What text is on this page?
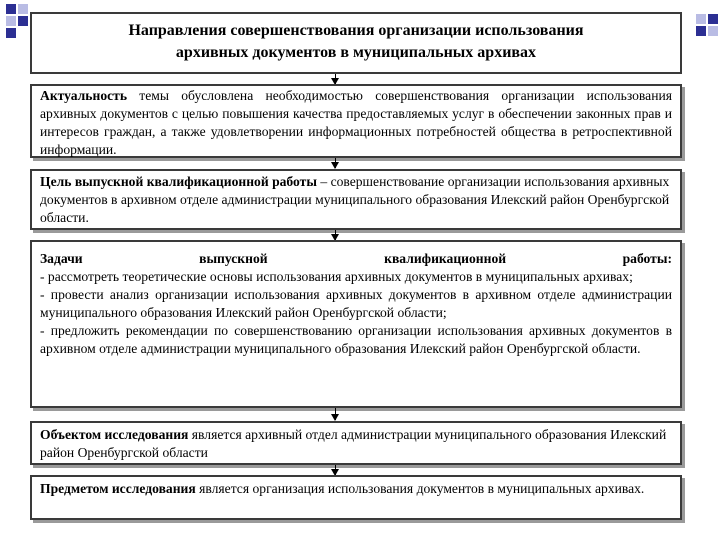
Направления совершенствования организации использования
архивных документов в муниципальных архивах
Актуальность темы обусловлена необходимостью совершенствования организации использования архивных документов с целью повышения качества предоставляемых услуг в обеспечении законных прав и интересов граждан, а также удовлетворении информационных потребностей общества в ретроспективной информации.
Цель выпускной квалификационной работы – совершенствование организации использования архивных документов в архивном отделе администрации муниципального образования Илекский район Оренбургской области.
Задачи выпускной квалификационной работы:
- рассмотреть теоретические основы использования архивных документов в муниципальных архивах;
- провести анализ организации использования архивных документов в архивном отделе администрации муниципального образования Илекский район Оренбургской области;
- предложить рекомендации по совершенствованию организации использования архивных документов в архивном отделе администрации муниципального образования Илекский район Оренбургской области.
Объектом исследования является архивный отдел администрации муниципального образования Илекский район Оренбургской области
Предметом исследования является организация использования документов в муниципальных архивах.
